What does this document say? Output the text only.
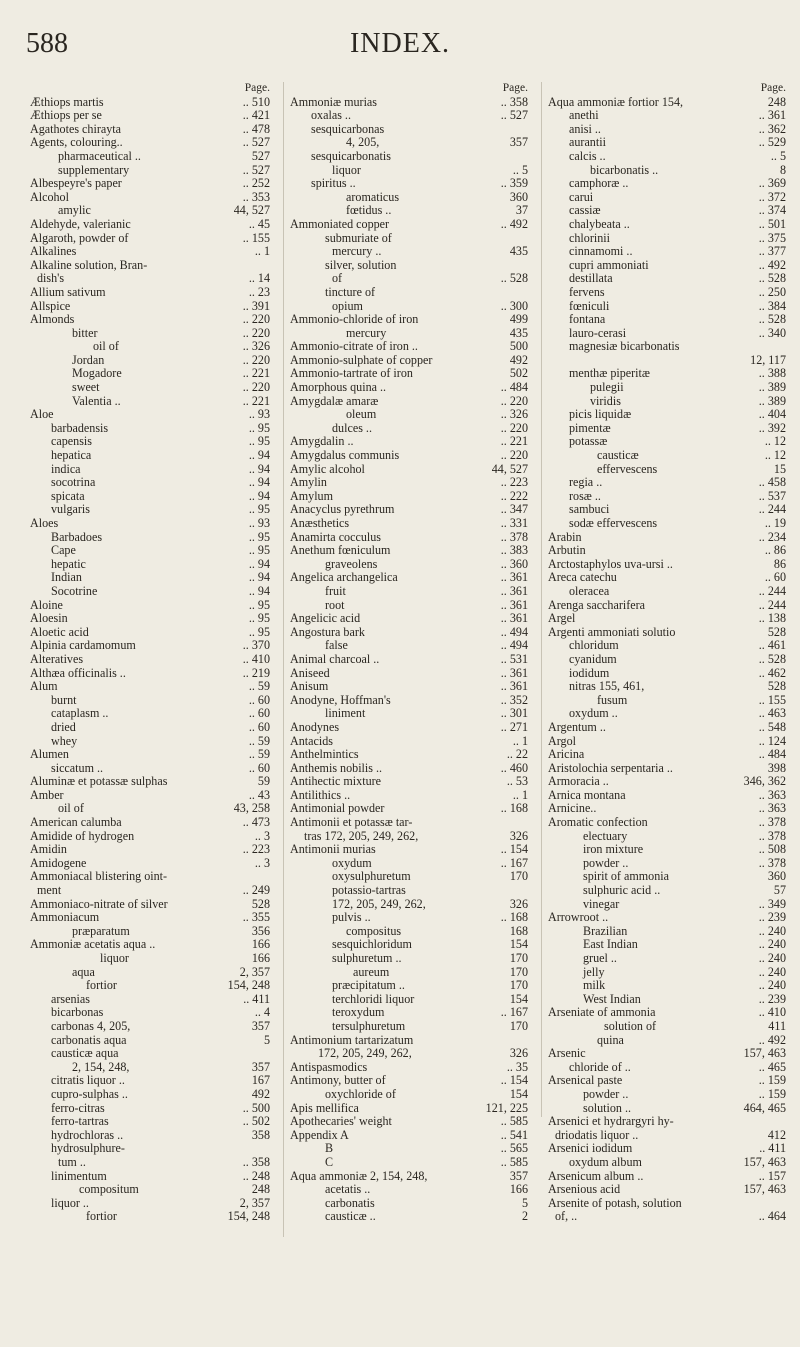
588	INDEX.
Page.
Æthiops martis	.. 510
Æthiops per se	.. 421
Agathotes chirayta	.. 478
Agents, colouring..	.. 527
pharmaceutical ..	527
supplementary	.. 527
Albespeyre's paper	.. 252
Alcohol	.. 353
amylic	44, 527
Aldehyde, valerianic	.. 45
Algaroth, powder of	.. 155
Alkalines	.. 1
Alkaline solution, Bran-
dish's	.. 14
Allium sativum	.. 23
Allspice	.. 391
Almonds	.. 220
bitter	.. 220
oil of	.. 326
Jordan	.. 220
Mogadore	.. 221
sweet	.. 220
Valentia ..	.. 221
Aloe	.. 93
barbadensis	.. 95
capensis	.. 95
hepatica	.. 94
indica	.. 94
socotrina	.. 94
spicata	.. 94
vulgaris	.. 95
Aloes	.. 93
Barbadoes	.. 95
Cape	.. 95
hepatic	.. 94
Indian	.. 94
Socotrine	.. 94
Aloine	.. 95
Aloesin	.. 95
Aloetic acid	.. 95
Alpinia cardamomum	.. 370
Alteratives	.. 410
Althæa officinalis ..	.. 219
Alum	.. 59
burnt	.. 60
cataplasm ..	.. 60
dried	.. 60
whey	.. 59
Alumen	.. 59
siccatum ..	.. 60
Aluminæ et potassæ sulphas	59
Amber	.. 43
oil of	43, 258
American calumba	.. 473
Amidide of hydrogen	.. 3
Amidin	.. 223
Amidogene	.. 3
Ammoniacal blistering oint-
ment	.. 249
Ammoniaco-nitrate of silver	528
Ammoniacum	.. 355
præparatum	356
Ammoniæ acetatis aqua ..	166
liquor	166
aqua	2, 357
fortior	154, 248
arsenias	.. 411
bicarbonas	.. 4
carbonas 4, 205,	357
carbonatis aqua	5
causticæ aqua
2, 154, 248,	357
citratis liquor ..	167
cupro-sulphas ..	492
ferro-citras	.. 500
ferro-tartras	.. 502
hydrochloras ..	358
hydrosulphure-
tum ..	.. 358
linimentum	.. 248
compositum	248
liquor ..	2, 357
fortior	154, 248
Page.
Ammoniæ murias	.. 358
oxalas ..	.. 527
sesquicarbonas
4, 205,	357
sesquicarbonatis
liquor	.. 5
spiritus ..	.. 359
aromaticus	360
fœtidus ..	37
Ammoniated copper	.. 492
submuriate of
mercury ..	435
silver, solution
of	.. 528
tincture of
opium	.. 300
Ammonio-chloride of iron	499
mercury	435
Ammonio-citrate of iron ..	500
Ammonio-sulphate of copper	492
Ammonio-tartrate of iron	502
Amorphous quina ..	.. 484
Amygdalæ amaræ	.. 220
oleum	.. 326
dulces ..	.. 220
Amygdalin ..	.. 221
Amygdalus communis	.. 220
Amylic alcohol	44, 527
Amylin	.. 223
Amylum	.. 222
Anacyclus pyrethrum	.. 347
Anæsthetics	.. 331
Anamirta cocculus	.. 378
Anethum fœniculum	.. 383
graveolens	.. 360
Angelica archangelica	.. 361
fruit	.. 361
root	.. 361
Angelicic acid	.. 361
Angostura bark	.. 494
false	.. 494
Animal charcoal ..	.. 531
Aniseed	.. 361
Anisum	.. 361
Anodyne, Hoffman's	.. 352
liniment	.. 301
Anodynes	.. 271
Antacids	.. 1
Anthelmintics	.. 22
Anthemis nobilis ..	.. 460
Antihectic mixture	.. 53
Antilithics ..	.. 1
Antimonial powder	.. 168
Antimonii et potassæ tar-
tras 172, 205, 249, 262,	326
Antimonii murias	.. 154
oxydum	.. 167
oxysulphuretum	170
potassio-tartras
172, 205, 249, 262,	326
pulvis ..	.. 168
compositus	168
sesquichloridum	154
sulphuretum ..	170
aureum	170
præcipitatum ..	170
terchloridi liquor	154
teroxydum	.. 167
tersulphuretum	170
Antimonium tartarizatum
172, 205, 249, 262,	326
Antispasmodics	.. 35
Antimony, butter of	.. 154
oxychloride of	154
Apis mellifica	121, 225
Apothecaries' weight	.. 585
Appendix A	.. 541
B	.. 565
C	.. 585
Aqua ammoniæ 2, 154, 248,	357
acetatis ..	166
carbonatis	5
causticæ ..	2
Page.
Aqua ammoniæ fortior 154,	248
anethi	.. 361
anisi ..	.. 362
aurantii	.. 529
calcis ..	.. 5
bicarbonatis ..	8
camphoræ ..	.. 369
carui	.. 372
cassiæ	.. 374
chalybeata ..	.. 501
chlorinii	.. 375
cinnamomi ..	.. 377
cupri ammoniati	.. 492
destillata	.. 528
fervens	.. 250
fœniculi	.. 384
fontana	.. 528
lauro-cerasi	.. 340
magnesiæ bicarbonatis
12, 117
menthæ piperitæ	.. 388
pulegii	.. 389
viridis	.. 389
picis liquidæ	.. 404
pimentæ	.. 392
potassæ	.. 12
causticæ	.. 12
effervescens	15
regia ..	.. 458
rosæ ..	.. 537
sambuci	.. 244
sodæ effervescens	.. 19
Arabin	.. 234
Arbutin	.. 86
Arctostaphylos uva-ursi ..	86
Areca catechu	.. 60
oleracea	.. 244
Arenga saccharifera	.. 244
Argel	.. 138
Argenti ammoniati solutio	528
chloridum	.. 461
cyanidum	.. 528
iodidum	.. 462
nitras 155, 461,	528
fusum	.. 155
oxydum ..	.. 463
Argentum ..	.. 548
Argol	.. 124
Aricina	.. 484
Aristolochia serpentaria ..	398
Armoracia ..	346, 362
Arnica montana	.. 363
Arnicine..	.. 363
Aromatic confection	.. 378
electuary	.. 378
iron mixture	.. 508
powder ..	.. 378
spirit of ammonia	360
sulphuric acid ..	57
vinegar	.. 349
Arrowroot ..	.. 239
Brazilian	.. 240
East Indian	.. 240
gruel ..	.. 240
jelly	.. 240
milk	.. 240
West Indian	.. 239
Arseniate of ammonia	.. 410
solution of	411
quina	.. 492
Arsenic	157, 463
chloride of ..	.. 465
Arsenical paste	.. 159
powder ..	.. 159
solution ..	464, 465
Arsenici et hydrargyri hy-
driodatis liquor ..	412
Arsenici iodidum	.. 411
oxydum album	157, 463
Arsenicum album ..	.. 157
Arsenious acid	157, 463
Arsenite of potash, solution
of, ..	.. 464
